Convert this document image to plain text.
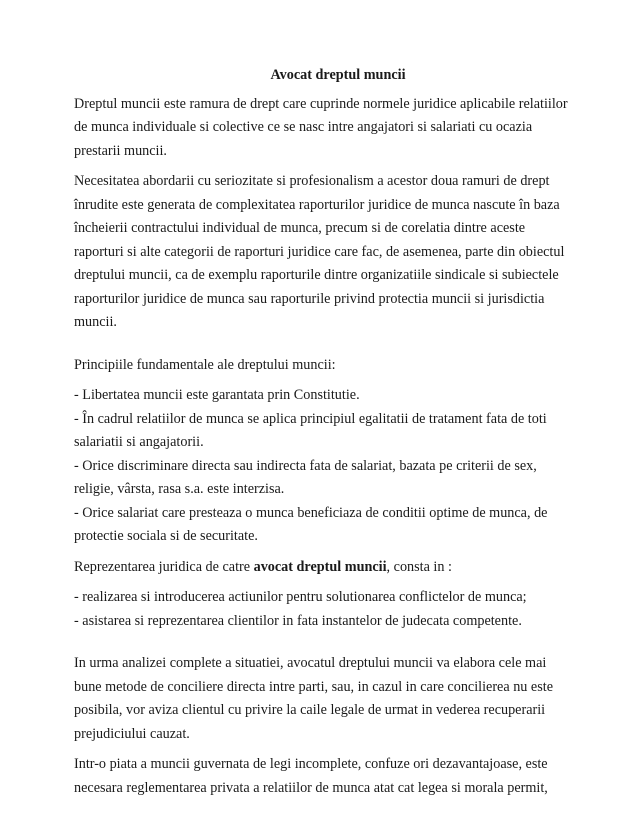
Avocat dreptul muncii

Dreptul muncii este ramura de drept care cuprinde normele juridice aplicabile relatiilor de munca individuale si colective ce se nasc intre angajatori si salariati cu ocazia prestarii muncii.

Necesitatea abordarii cu seriozitate si profesionalism a acestor doua ramuri de drept înrudite este generata de complexitatea raporturilor juridice de munca nascute în baza încheierii contractului individual de munca, precum si de corelatia dintre aceste raporturi si alte categorii de raporturi juridice care fac, de asemenea, parte din obiectul dreptului muncii, ca de exemplu raporturile dintre organizatiile sindicale si subiectele raporturilor juridice de munca sau raporturile privind protectia muncii si jurisdictia muncii.

Principiile fundamentale ale dreptului muncii:

- Libertatea muncii este garantata prin Constitutie.
- În cadrul relatiilor de munca se aplica principiul egalitatii de tratament fata de toti salariatii si angajatorii.
- Orice discriminare directa sau indirecta fata de salariat, bazata pe criterii de sex, religie, vârsta, rasa s.a. este interzisa.
- Orice salariat care presteaza o munca beneficiaza de conditii optime de munca, de protectie sociala si de securitate.

Reprezentarea juridica de catre avocat dreptul muncii, consta in :

- realizarea si introducerea actiunilor pentru solutionarea conflictelor de munca;
- asistarea si reprezentarea clientilor in fata instantelor de judecata competente.

In urma analizei complete a situatiei, avocatul dreptului muncii va elabora cele mai bune metode de conciliere directa intre parti, sau, in cazul in care concilierea nu este posibila, vor aviza clientul cu privire la caile legale de urmat in vederea recuperarii prejudiciului cauzat.

Intr-o piata a muncii guvernata de legi incomplete, confuze ori dezavantajoase, este necesara reglementarea privata a relatiilor de munca atat cat legea si morala permit,
